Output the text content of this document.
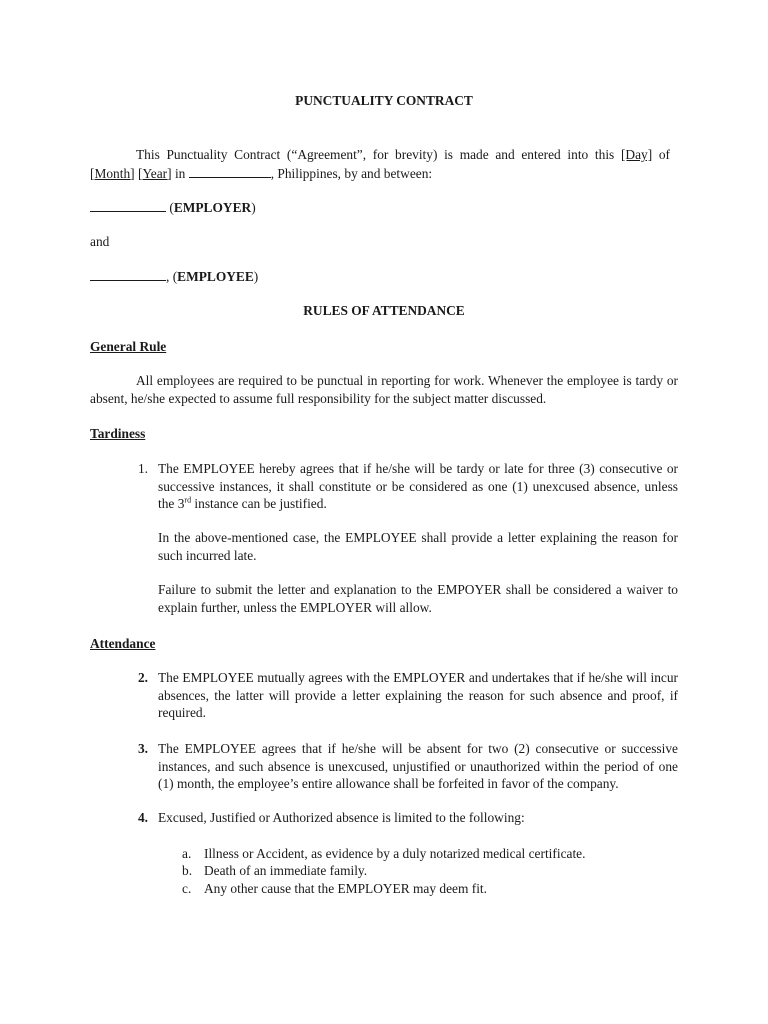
PUNCTUALITY CONTRACT
This Punctuality Contract (“Agreement”, for brevity) is made and entered into this [Day] of
[Month] [Year] in	, Philippines, by and between:
(EMPLOYER)
and
, (EMPLOYEE)
RULES OF ATTENDANCE
General Rule
All employees are required to be punctual in reporting for work. Whenever the employee is tardy or absent, he/she expected to assume full responsibility for the subject matter discussed.
Tardiness
1. The EMPLOYEE hereby agrees that if he/she will be tardy or late for three (3) consecutive or successive instances, it shall constitute or be considered as one (1) unexcused absence, unless the 3rd instance can be justified.
In the above-mentioned case, the EMPLOYEE shall provide a letter explaining the reason for such incurred late.
Failure to submit the letter and explanation to the EMPOYER shall be considered a waiver to explain further, unless the EMPLOYER will allow.
Attendance
2. The EMPLOYEE mutually agrees with the EMPLOYER and undertakes that if he/she will incur absences, the latter will provide a letter explaining the reason for such absence and proof, if required.
3. The EMPLOYEE agrees that if he/she will be absent for two (2) consecutive or successive instances, and such absence is unexcused, unjustified or unauthorized within the period of one (1) month, the employee’s entire allowance shall be forfeited in favor of the company.
4. Excused, Justified or Authorized absence is limited to the following:
a. Illness or Accident, as evidence by a duly notarized medical certificate.
b. Death of an immediate family.
c. Any other cause that the EMPLOYER may deem fit.
